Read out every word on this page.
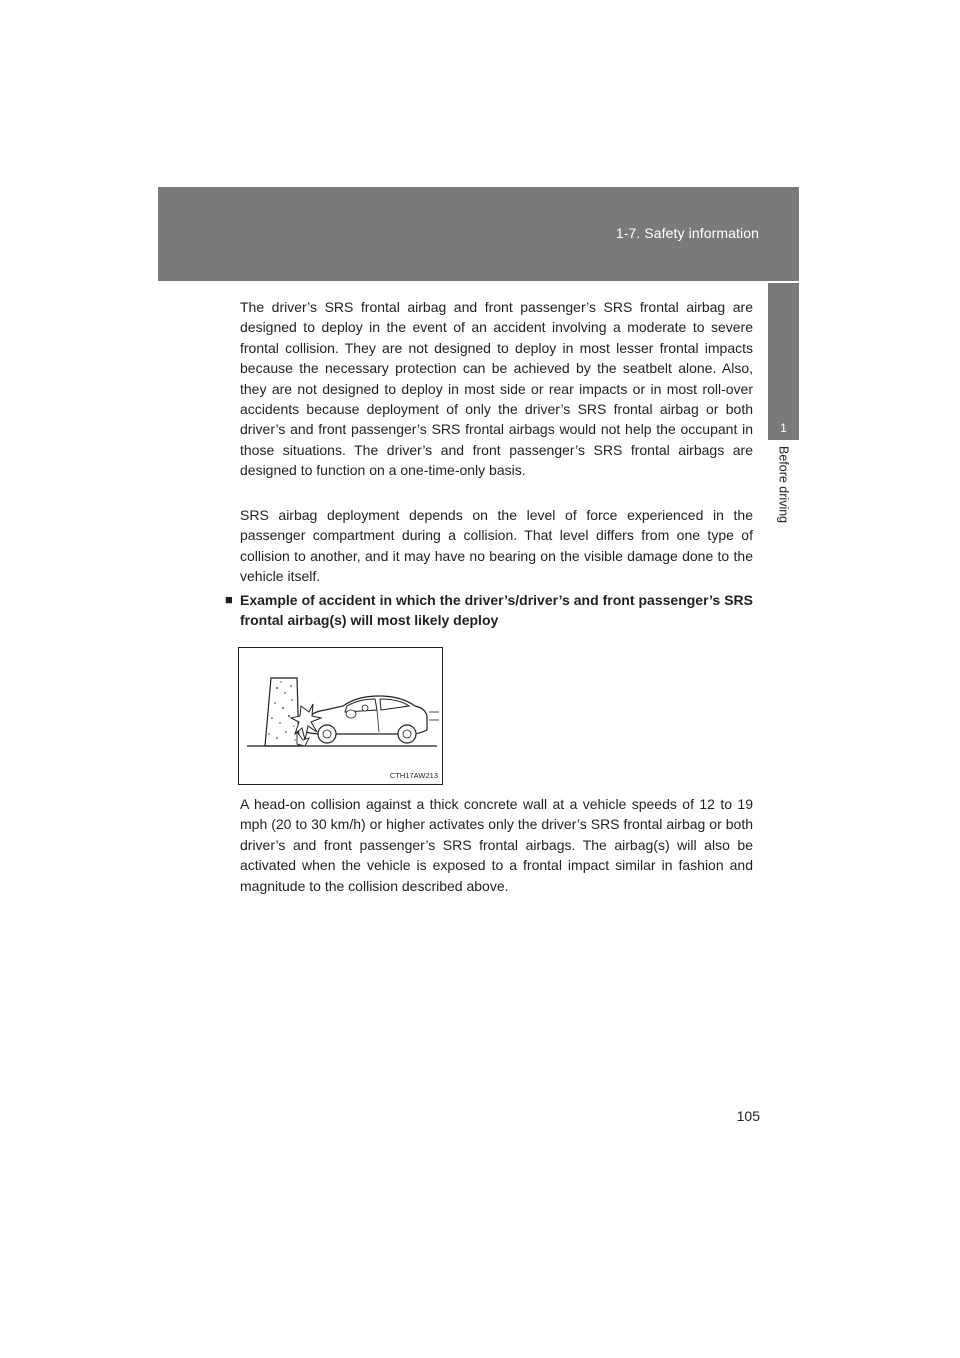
1-7. Safety information
1
Before driving

The driver’s SRS frontal airbag and front passenger’s SRS frontal airbag are designed to deploy in the event of an accident involving a moderate to severe frontal collision. They are not designed to deploy in most lesser frontal impacts because the necessary protection can be achieved by the seatbelt alone. Also, they are not designed to deploy in most side or rear impacts or in most roll-over accidents because deployment of only the driver’s SRS frontal airbag or both driver’s and front passenger’s SRS frontal airbags would not help the occupant in those situations. The driver’s and front passenger’s SRS frontal airbags are designed to function on a one-time-only basis.

SRS airbag deployment depends on the level of force experienced in the passenger compartment during a collision. That level differs from one type of collision to another, and it may have no bearing on the visible damage done to the vehicle itself.

■ Example of accident in which the driver’s/driver’s and front passenger’s SRS frontal airbag(s) will most likely deploy

CTH17AW213

A head-on collision against a thick concrete wall at a vehicle speeds of 12 to 19 mph (20 to 30 km/h) or higher activates only the driver’s SRS frontal airbag or both driver’s and front passenger’s SRS frontal airbags. The airbag(s) will also be activated when the vehicle is exposed to a frontal impact similar in fashion and magnitude to the collision described above.

105
